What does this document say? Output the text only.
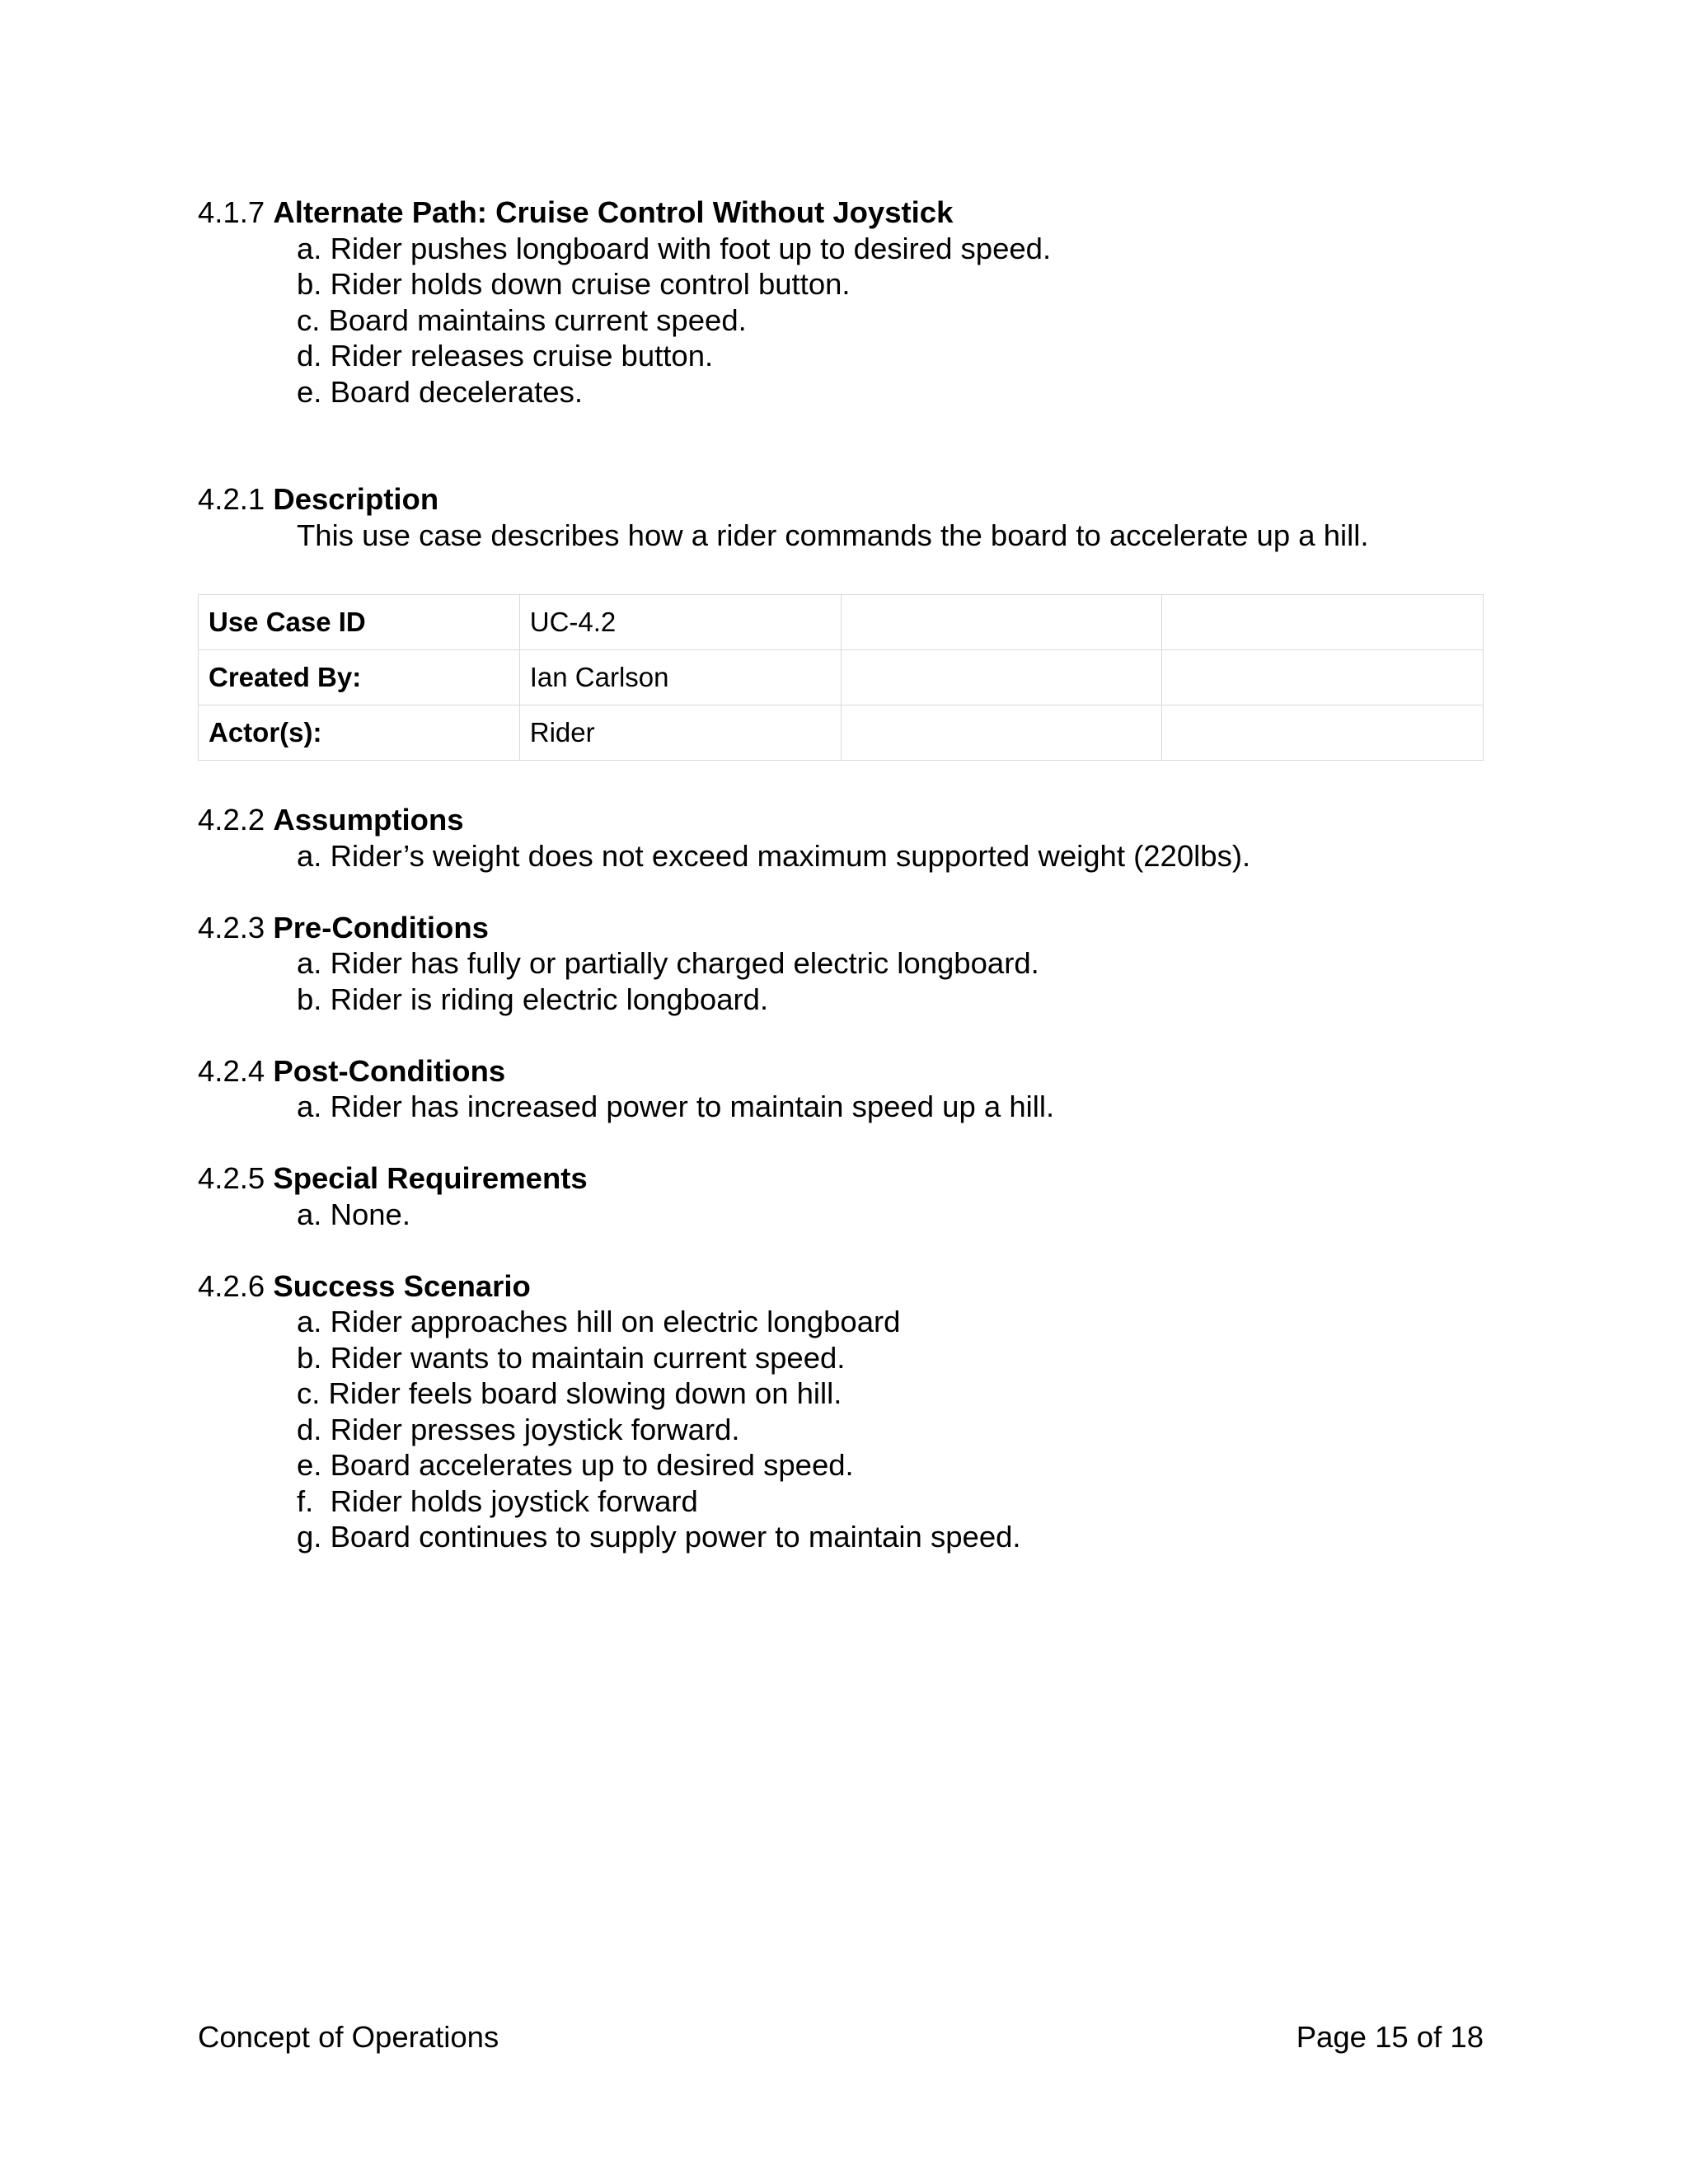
4.1.7 Alternate Path: Cruise Control Without Joystick

a. Rider pushes longboard with foot up to desired speed.
b. Rider holds down cruise control button.
c. Board maintains current speed.
d. Rider releases cruise button.
e. Board decelerates.

4.2.1 Description

This use case describes how a rider commands the board to accelerate up a hill.

Use Case ID	UC-4.2		
Created By:	Ian Carlson		
Actor(s):	Rider		

4.2.2 Assumptions

a. Rider’s weight does not exceed maximum supported weight (220lbs).

4.2.3 Pre-Conditions

a. Rider has fully or partially charged electric longboard.
b. Rider is riding electric longboard.

4.2.4 Post-Conditions

a. Rider has increased power to maintain speed up a hill.

4.2.5 Special Requirements

a. None.

4.2.6 Success Scenario

a. Rider approaches hill on electric longboard
b. Rider wants to maintain current speed.
c. Rider feels board slowing down on hill.
d. Rider presses joystick forward.
e. Board accelerates up to desired speed.
f.  Rider holds joystick forward
g. Board continues to supply power to maintain speed.
Concept of Operations	Page 15 of 18
